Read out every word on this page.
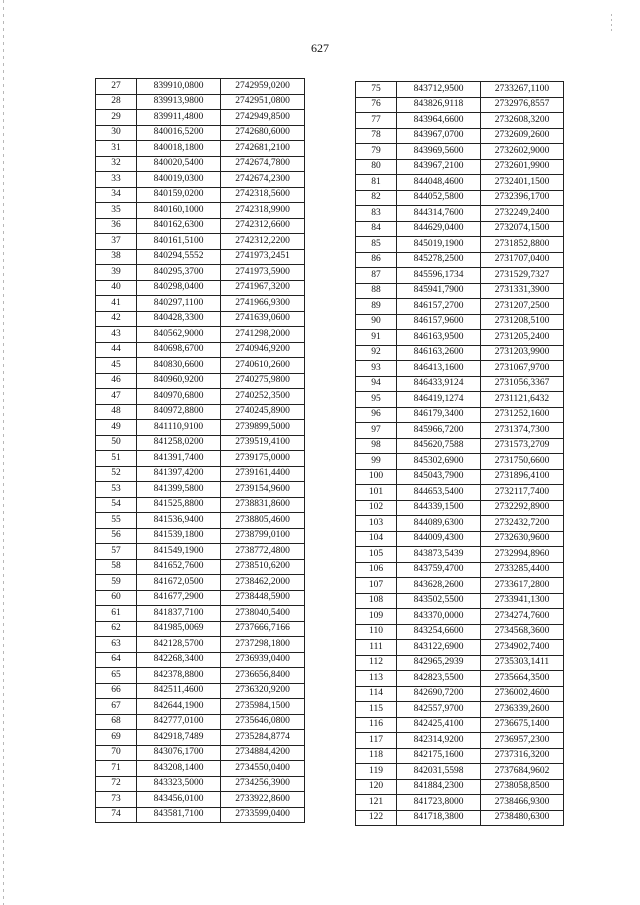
627
27	839910,0800	2742959,0200
28	839913,9800	2742951,0800
29	839911,4800	2742949,8500
30	840016,5200	2742680,6000
31	840018,1800	2742681,2100
32	840020,5400	2742674,7800
33	840019,0300	2742674,2300
34	840159,0200	2742318,5600
35	840160,1000	2742318,9900
36	840162,6300	2742312,6600
37	840161,5100	2742312,2200
38	840294,5552	2741973,2451
39	840295,3700	2741973,5900
40	840298,0400	2741967,3200
41	840297,1100	2741966,9300
42	840428,3300	2741639,0600
43	840562,9000	2741298,2000
44	840698,6700	2740946,9200
45	840830,6600	2740610,2600
46	840960,9200	2740275,9800
47	840970,6800	2740252,3500
48	840972,8800	2740245,8900
49	841110,9100	2739899,5000
50	841258,0200	2739519,4100
51	841391,7400	2739175,0000
52	841397,4200	2739161,4400
53	841399,5800	2739154,9600
54	841525,8800	2738831,8600
55	841536,9400	2738805,4600
56	841539,1800	2738799,0100
57	841549,1900	2738772,4800
58	841652,7600	2738510,6200
59	841672,0500	2738462,2000
60	841677,2900	2738448,5900
61	841837,7100	2738040,5400
62	841985,0069	2737666,7166
63	842128,5700	2737298,1800
64	842268,3400	2736939,0400
65	842378,8800	2736656,8400
66	842511,4600	2736320,9200
67	842644,1900	2735984,1500
68	842777,0100	2735646,0800
69	842918,7489	2735284,8774
70	843076,1700	2734884,4200
71	843208,1400	2734550,0400
72	843323,5000	2734256,3900
73	843456,0100	2733922,8600
74	843581,7100	2733599,0400
75	843712,9500	2733267,1100
76	843826,9118	2732976,8557
77	843964,6600	2732608,3200
78	843967,0700	2732609,2600
79	843969,5600	2732602,9000
80	843967,2100	2732601,9900
81	844048,4600	2732401,1500
82	844052,5800	2732396,1700
83	844314,7600	2732249,2400
84	844629,0400	2732074,1500
85	845019,1900	2731852,8800
86	845278,2500	2731707,0400
87	845596,1734	2731529,7327
88	845941,7900	2731331,3900
89	846157,2700	2731207,2500
90	846157,9600	2731208,5100
91	846163,9500	2731205,2400
92	846163,2600	2731203,9900
93	846413,1600	2731067,9700
94	846433,9124	2731056,3367
95	846419,1274	2731121,6432
96	846179,3400	2731252,1600
97	845966,7200	2731374,7300
98	845620,7588	2731573,2709
99	845302,6900	2731750,6600
100	845043,7900	2731896,4100
101	844653,5400	2732117,7400
102	844339,1500	2732292,8900
103	844089,6300	2732432,7200
104	844009,4300	2732630,9600
105	843873,5439	2732994,8960
106	843759,4700	2733285,4400
107	843628,2600	2733617,2800
108	843502,5500	2733941,1300
109	843370,0000	2734274,7600
110	843254,6600	2734568,3600
111	843122,6900	2734902,7400
112	842965,2939	2735303,1411
113	842823,5500	2735664,3500
114	842690,7200	2736002,4600
115	842557,9700	2736339,2600
116	842425,4100	2736675,1400
117	842314,9200	2736957,2300
118	842175,1600	2737316,3200
119	842031,5598	2737684,9602
120	841884,2300	2738058,8500
121	841723,8000	2738466,9300
122	841718,3800	2738480,6300
